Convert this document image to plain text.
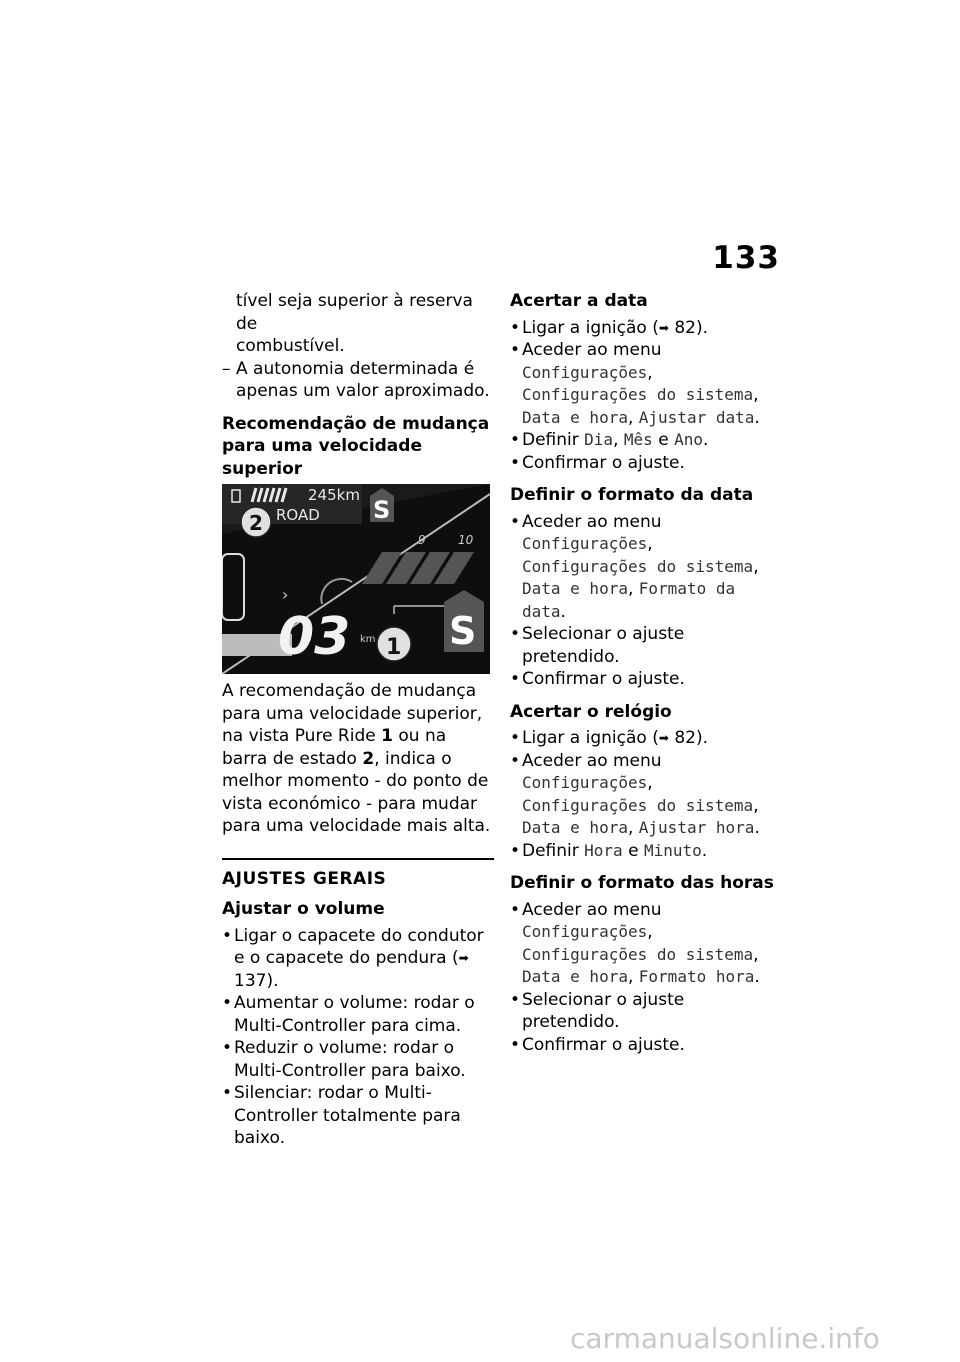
133

tível seja superior à reserva de

combustível.

– A autonomia determinada é apenas um valor aproximado.

Recomendação de mudança para uma velocidade superior
245km
ROAD S
2
9	10
›
03 km 1 S

A recomendação de mudança para uma velocidade superior, na vista Pure Ride 1 ou na barra de estado 2, indica o melhor momento - do ponto de vista económico - para mudar para uma velocidade mais alta.

AJUSTES GERAIS
Ajustar o volume

• Ligar o capacete do condutor e o capacete do pendura (➡ 137).

• Aumentar o volume: rodar o Multi-Controller para cima.

• Reduzir o volume: rodar o Multi-Controller para baixo.

• Silenciar: rodar o Multi-Controller totalmente para baixo.

Acertar a data

• Ligar a ignição (➡ 82).

• Aceder ao menu Configurações, Configurações do sistema, Data e hora, Ajustar data.

• Definir Dia, Mês e Ano.

• Confirmar o ajuste.

Definir o formato da data

• Aceder ao menu Configurações, Configurações do sistema, Data e hora, Formato da data.

• Selecionar o ajuste pretendido.

• Confirmar o ajuste.

Acertar o relógio

• Ligar a ignição (➡ 82).

• Aceder ao menu Configurações, Configurações do sistema, Data e hora, Ajustar hora.

• Definir Hora e Minuto.

Definir o formato das horas

• Aceder ao menu Configurações, Configurações do sistema, Data e hora, Formato hora.

• Selecionar o ajuste pretendido.

• Confirmar o ajuste.

carmanualsonline.info
